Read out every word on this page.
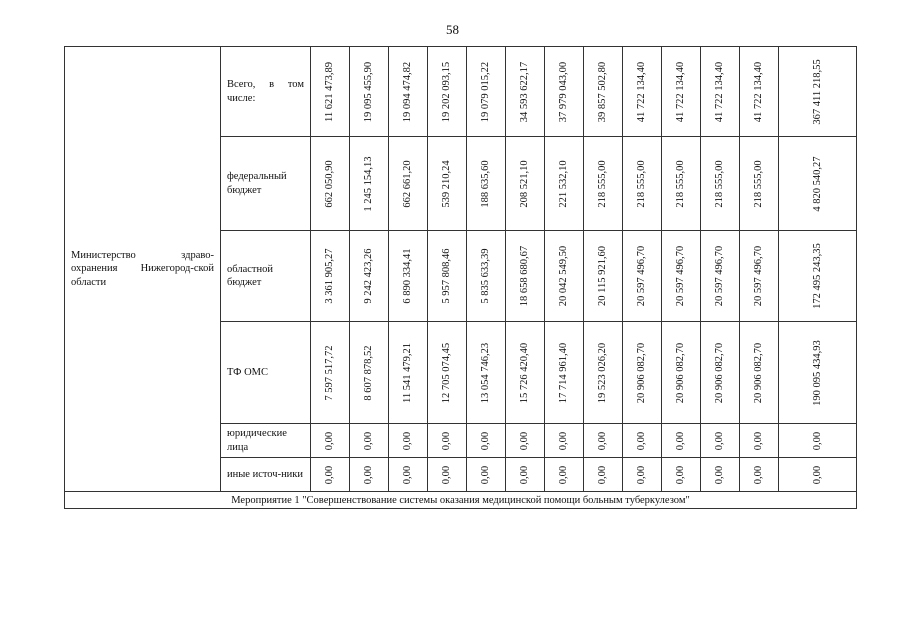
58
Министерство здраво-охранения Нижегород-ской области	Всего, в том числе:	11 621 473,89	19 095 455,90	19 094 474,82	19 202 093,15	19 079 015,22	34 593 622,17	37 979 043,00	39 857 502,80	41 722 134,40	41 722 134,40	41 722 134,40	41 722 134,40	367 411 218,55

	федеральный бюджет	662 050,90	1 245 154,13	662 661,20	539 210,24	188 635,60	208 521,10	221 532,10	218 555,00	218 555,00	218 555,00	218 555,00	218 555,00	4 820 540,27

	областной бюджет	3 361 905,27	9 242 423,26	6 890 334,41	5 957 808,46	5 835 633,39	18 658 680,67	20 042 549,50	20 115 921,60	20 597 496,70	20 597 496,70	20 597 496,70	20 597 496,70	172 495 243,35

	ТФ ОМС	7 597 517,72	8 607 878,52	11 541 479,21	12 705 074,45	13 054 746,23	15 726 420,40	17 714 961,40	19 523 026,20	20 906 082,70	20 906 082,70	20 906 082,70	20 906 082,70	190 095 434,93

	юридические лица	0,00	0,00	0,00	0,00	0,00	0,00	0,00	0,00	0,00	0,00	0,00	0,00	0,00

	иные источ-ники	0,00	0,00	0,00	0,00	0,00	0,00	0,00	0,00	0,00	0,00	0,00	0,00	0,00

Мероприятие 1 "Совершенствование системы оказания медицинской помощи больным туберкулезом"														
